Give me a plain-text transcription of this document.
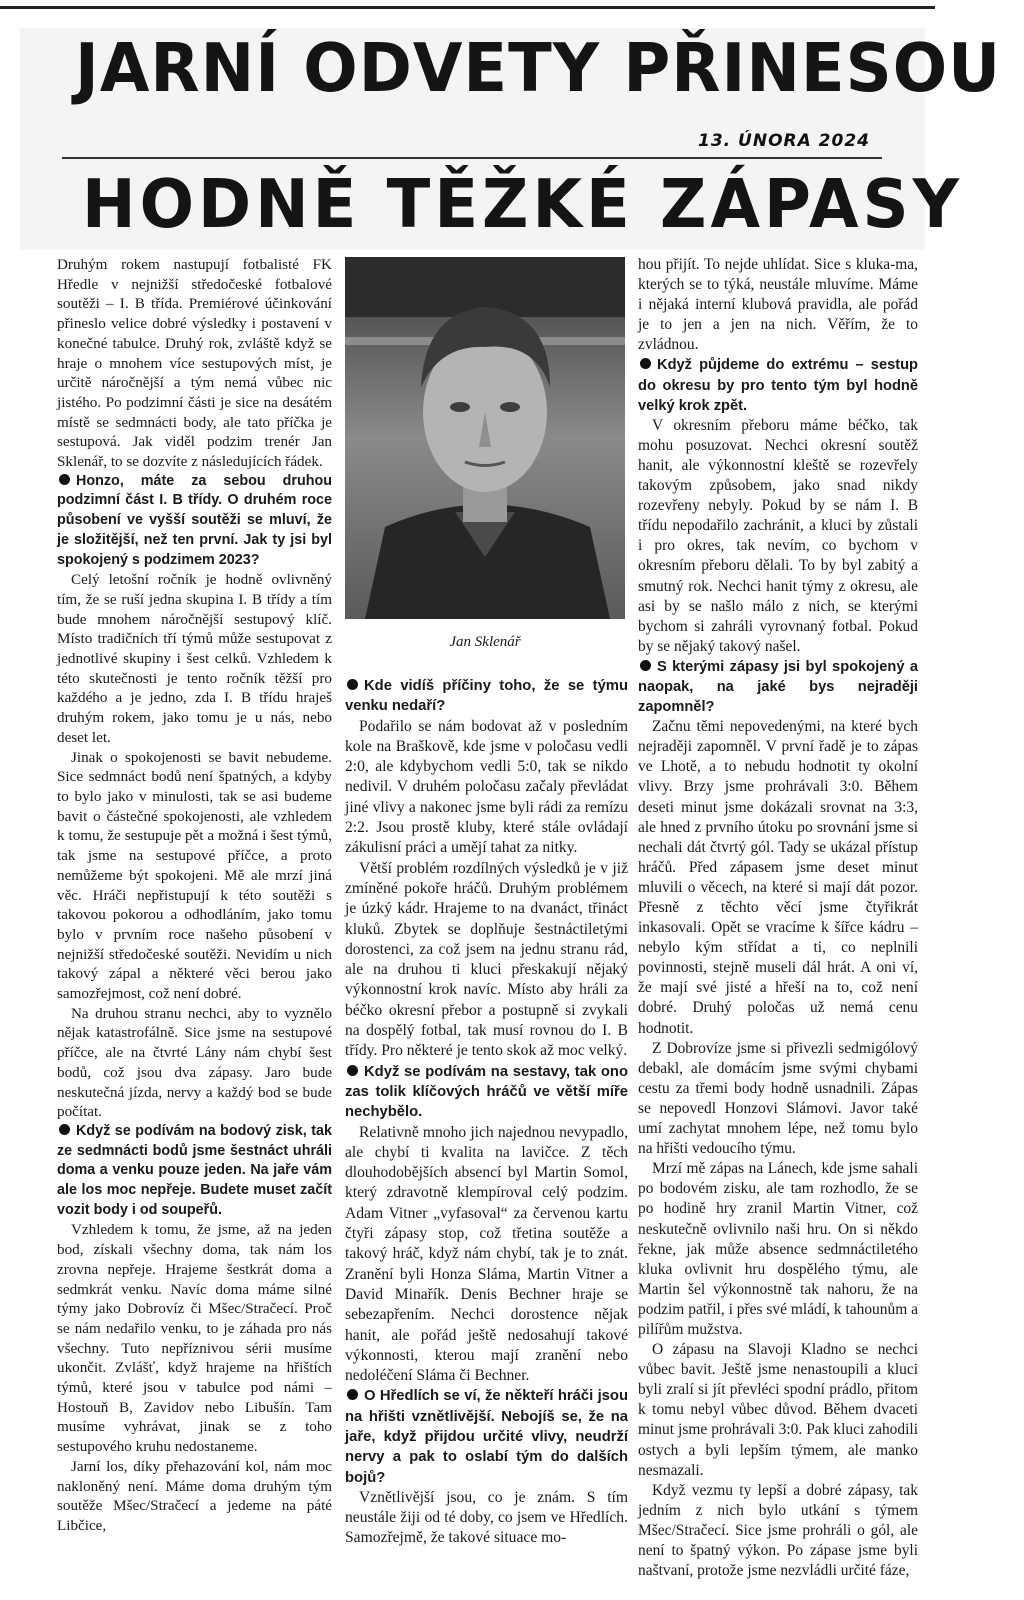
JARNÍ ODVETY PŘINESOU
13. ÚNORA 2024
HODNĚ TĚŽKÉ ZÁPASY

Druhým rokem nastupují fotbalisté FK Hředle v nejnižší středočeské fotbalové soutěži – I. B třída. Premiérové účinkování přineslo velice dobré výsledky i postavení v konečné tabulce. Druhý rok, zvláště když se hraje o mnohem více sestupových míst, je určitě náročnější a tým nemá vůbec nic jistého. Po podzimní části je sice na desátém místě se sedmnácti body, ale tato příčka je sestupová. Jak viděl podzim trenér Jan Sklenář, to se dozvíte z následujících řádek.

Honzo, máte za sebou druhou podzimní část I. B třídy. O druhém roce působení ve vyšší soutěži se mluví, že je složitější, než ten první. Jak ty jsi byl spokojený s podzimem 2023?

Celý letošní ročník je hodně ovlivněný tím, že se ruší jedna skupina I. B třídy a tím bude mnohem náročnější sestupový klíč. Místo tradičních tří týmů může sestupovat z jednotlivé skupiny i šest celků. Vzhledem k této skutečnosti je tento ročník těžší pro každého a je jedno, zda I. B třídu hraješ druhým rokem, jako tomu je u nás, nebo deset let.

Jinak o spokojenosti se bavit nebudeme. Sice sedmnáct bodů není špatných, a kdyby to bylo jako v minulosti, tak se asi budeme bavit o částečné spokojenosti, ale vzhledem k tomu, že sestupuje pět a možná i šest týmů, tak jsme na sestupové příčce, a proto nemůžeme být spokojeni. Mě ale mrzí jiná věc. Hráči nepřistupují k této soutěži s takovou pokorou a odhodláním, jako tomu bylo v prvním roce našeho působení v nejnižší středočeské soutěži. Nevidím u nich takový zápal a některé věci berou jako samozřejmost, což není dobré.

Na druhou stranu nechci, aby to vyznělo nějak katastrofálně. Sice jsme na sestupové příčce, ale na čtvrté Lány nám chybí šest bodů, což jsou dva zápasy. Jaro bude neskutečná jízda, nervy a každý bod se bude počítat.

Když se podívám na bodový zisk, tak ze sedmnácti bodů jsme šestnáct uhráli doma a venku pouze jeden. Na jaře vám ale los moc nepřeje. Budete muset začít vozit body i od soupeřů.

Vzhledem k tomu, že jsme, až na jeden bod, získali všechny doma, tak nám los zrovna nepřeje. Hrajeme šestkrát doma a sedmkrát venku. Navíc doma máme silné týmy jako Dobrovíz či Mšec/Stračecí. Proč se nám nedařilo venku, to je záhada pro nás všechny. Tuto nepříznivou sérii musíme ukončit. Zvlášť, když hrajeme na hřištích týmů, které jsou v tabulce pod námi – Hostouň B, Zavidov nebo Libušín. Tam musíme vyhrávat, jinak se z toho sestupového kruhu nedostaneme.

Jarní los, díky přehazování kol, nám moc nakloněný není. Máme doma druhým tým soutěže Mšec/Stračecí a jedeme na páté Libčice,

Jan Sklenář

Kde vidíš příčiny toho, že se týmu venku nedaří?

Podařilo se nám bodovat až v posledním kole na Braškově, kde jsme v poločasu vedli 2:0, ale kdybychom vedli 5:0, tak se nikdo nedivil. V druhém poločasu začaly převládat jiné vlivy a nakonec jsme byli rádi za remízu 2:2. Jsou prostě kluby, které stále ovládají zákulisní práci a umějí tahat za nitky.

Větší problém rozdílných výsledků je v již zmíněné pokoře hráčů. Druhým problémem je úzký kádr. Hrajeme to na dvanáct, třináct kluků. Zbytek se doplňuje šestnáctiletými dorostenci, za což jsem na jednu stranu rád, ale na druhou ti kluci přeskakují nějaký výkonnostní krok navíc. Místo aby hráli za béčko okresní přebor a postupně si zvykali na dospělý fotbal, tak musí rovnou do I. B třídy. Pro některé je tento skok až moc velký.

Když se podívám na sestavy, tak ono zas tolik klíčových hráčů ve větší míře nechybělo.

Relativně mnoho jich najednou nevypadlo, ale chybí ti kvalita na lavičce. Z těch dlouhodobějších absencí byl Martin Somol, který zdravotně klempíroval celý podzim. Adam Vitner „vyfasoval“ za červenou kartu čtyři zápasy stop, což třetina soutěže a takový hráč, když nám chybí, tak je to znát. Zranění byli Honza Sláma, Martin Vitner a David Minařík. Denis Bechner hraje se sebezapřením. Nechci dorostence nějak hanit, ale pořád ještě nedosahují takové výkonnosti, kterou mají zranění nebo nedoléčení Sláma či Bechner.

O Hředlích se ví, že někteří hráči jsou na hřišti vznětlivější. Nebojíš se, že na jaře, když přijdou určité vlivy, neudrží nervy a pak to oslabí tým do dalších bojů?

Vznětlivější jsou, co je znám. S tím neustále žiji od té doby, co jsem ve Hředlích. Samozřejmě, že takové situace mo-

hou přijít. To nejde uhlídat. Sice s kluka-ma, kterých se to týká, neustále mluvíme. Máme i nějaká interní klubová pravidla, ale pořád je to jen a jen na nich. Věřím, že to zvládnou.

Když půjdeme do extrému – sestup do okresu by pro tento tým byl hodně velký krok zpět.

V okresním přeboru máme béčko, tak mohu posuzovat. Nechci okresní soutěž hanit, ale výkonnostní kleště se rozevřely takovým způsobem, jako snad nikdy rozevřeny nebyly. Pokud by se nám I. B třídu nepodařilo zachránit, a kluci by zůstali i pro okres, tak nevím, co bychom v okresním přeboru dělali. To by byl zabitý a smutný rok. Nechci hanit týmy z okresu, ale asi by se našlo málo z nich, se kterými bychom si zahráli vyrovnaný fotbal. Pokud by se nějaký takový našel.

S kterými zápasy jsi byl spokojený a naopak, na jaké bys nejraději zapomněl?

Začnu těmi nepovedenými, na které bych nejraději zapomněl. V první řadě je to zápas ve Lhotě, a to nebudu hodnotit ty okolní vlivy. Brzy jsme prohrávali 3:0. Během deseti minut jsme dokázali srovnat na 3:3, ale hned z prvního útoku po srovnání jsme si nechali dát čtvrtý gól. Tady se ukázal přístup hráčů. Před zápasem jsme deset minut mluvili o věcech, na které si mají dát pozor. Přesně z těchto věcí jsme čtyřikrát inkasovali. Opět se vracíme k šířce kádru – nebylo kým střídat a ti, co neplnili povinnosti, stejně museli dál hrát. A oni ví, že mají své jisté a hřeší na to, což není dobré. Druhý poločas už nemá cenu hodnotit.

Z Dobrovíze jsme si přivezli sedmigólový debakl, ale domácím jsme svými chybami cestu za třemi body hodně usnadnili. Zápas se nepovedl Honzovi Slámovi. Javor také umí zachytat mnohem lépe, než tomu bylo na hřišti vedoucího týmu.

Mrzí mě zápas na Lánech, kde jsme sahali po bodovém zisku, ale tam rozhodlo, že se po hodině hry zranil Martin Vitner, což neskutečně ovlivnilo naši hru. On si někdo řekne, jak může absence sedmnáctiletého kluka ovlivnit hru dospělého týmu, ale Martin šel výkonnostně tak nahoru, že na podzim patřil, i přes své mládí, k tahounům a pilířům mužstva.

O zápasu na Slavoji Kladno se nechci vůbec bavit. Ještě jsme nenastoupili a kluci byli zralí si jít převléci spodní prádlo, přitom k tomu nebyl vůbec důvod. Během dvaceti minut jsme prohrávali 3:0. Pak kluci zahodili ostych a byli lepším týmem, ale manko nesmazali.

Když vezmu ty lepší a dobré zápasy, tak jedním z nich bylo utkání s týmem Mšec/Stračecí. Sice jsme prohráli o gól, ale není to špatný výkon. Po zápase jsme byli naštvaní, protože jsme nezvládli určité fáze,
